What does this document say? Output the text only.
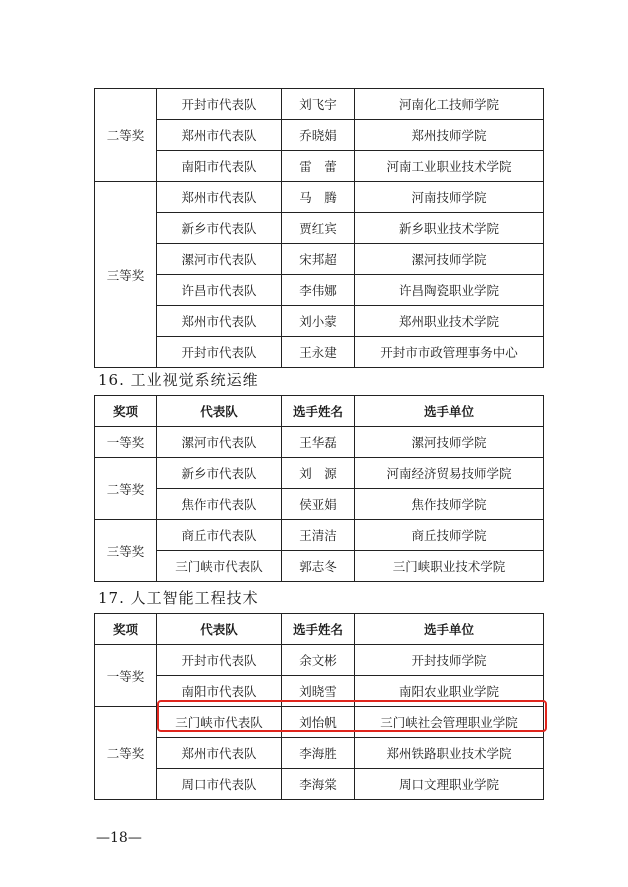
二等奖	开封市代表队	刘飞宇	河南化工技师学院
	郑州市代表队	乔晓娟	郑州技师学院
	南阳市代表队	雷　蕾	河南工业职业技术学院
三等奖	郑州市代表队	马　腾	河南技师学院
	新乡市代表队	贾红宾	新乡职业技术学院
	漯河市代表队	宋邦超	漯河技师学院
	许昌市代表队	李伟娜	许昌陶瓷职业学院
	郑州市代表队	刘小蒙	郑州职业技术学院
	开封市代表队	王永建	开封市市政管理事务中心
16. 工业视觉系统运维
奖项	代表队	选手姓名	选手单位
一等奖	漯河市代表队	王华磊	漯河技师学院
二等奖	新乡市代表队	刘　源	河南经济贸易技师学院
	焦作市代表队	侯亚娟	焦作技师学院
三等奖	商丘市代表队	王清洁	商丘技师学院
	三门峡市代表队	郭志冬	三门峡职业技术学院
17. 人工智能工程技术
奖项	代表队	选手姓名	选手单位
一等奖	开封市代表队	余文彬	开封技师学院
	南阳市代表队	刘晓雪	南阳农业职业学院
二等奖	三门峡市代表队	刘怡帆	三门峡社会管理职业学院
	郑州市代表队	李海胜	郑州铁路职业技术学院
	周口市代表队	李海棠	周口文理职业学院
—18—
